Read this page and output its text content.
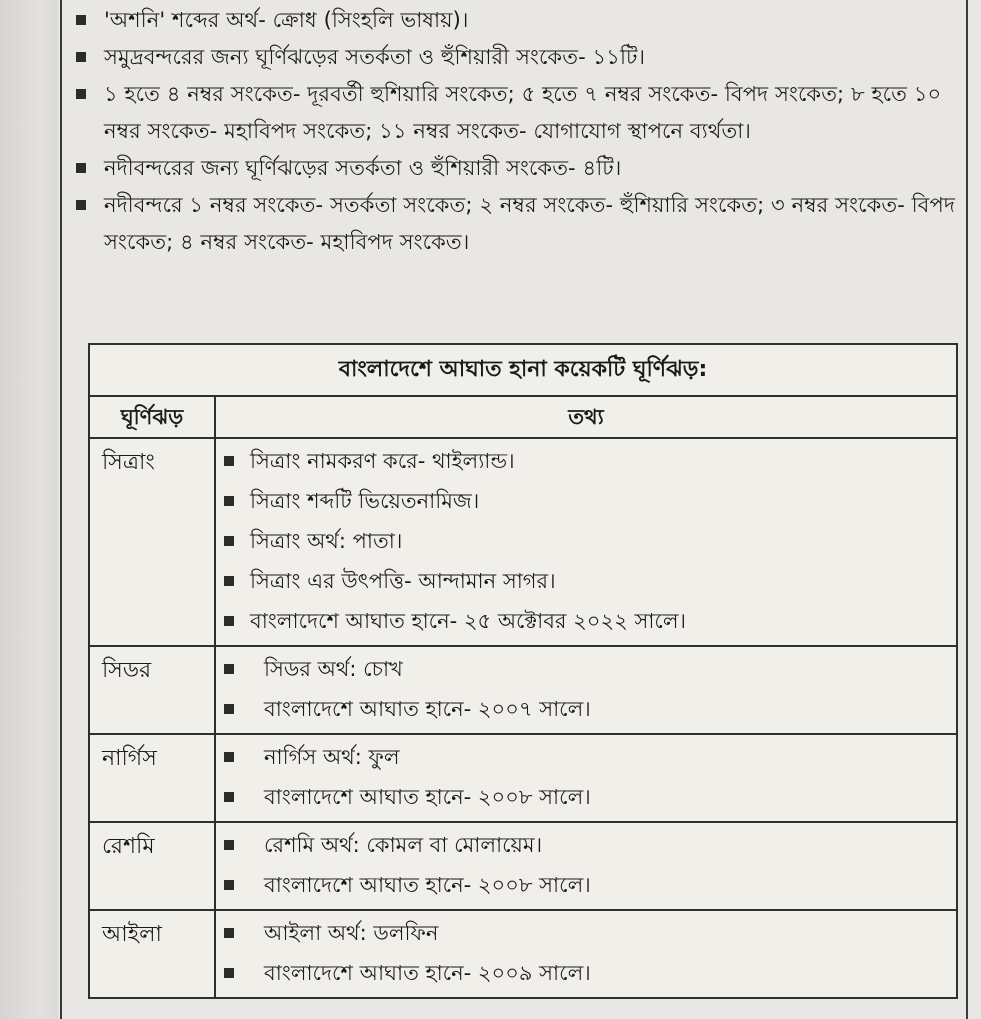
'অশনি' শব্দের অর্থ- ক্রোধ (সিংহলি ভাষায়)।

সমুদ্রবন্দরের জন্য ঘূর্ণিঝড়ের সতর্কতা ও হুঁশিয়ারী সংকেত- ১১টি।

১ হতে ৪ নম্বর সংকেত- দূরবর্তী হুশিয়ারি সংকেত; ৫ হতে ৭ নম্বর সংকেত- বিপদ সংকেত; ৮ হতে ১০ নম্বর সংকেত- মহাবিপদ সংকেত; ১১ নম্বর সংকেত- যোগাযোগ স্থাপনে ব্যর্থতা।

নদীবন্দরের জন্য ঘূর্ণিঝড়ের সতর্কতা ও হুঁশিয়ারী সংকেত- ৪টি।

নদীবন্দরে ১ নম্বর সংকেত- সতর্কতা সংকেত; ২ নম্বর সংকেত- হুঁশিয়ারি সংকেত; ৩ নম্বর সংকেত- বিপদ সংকেত; ৪ নম্বর সংকেত- মহাবিপদ সংকেত।

বাংলাদেশে আঘাত হানা কয়েকটি ঘূর্ণিঝড়:	
ঘূর্ণিঝড়	তথ্য
সিত্রাং	সিত্রাং নামকরণ করে- থাইল্যান্ড।
সিত্রাং শব্দটি ভিয়েতনামিজ।
সিত্রাং অর্থ: পাতা।
সিত্রাং এর উৎপত্তি- আন্দামান সাগর।
বাংলাদেশে আঘাত হানে- ২৫ অক্টোবর ২০২২ সালে।

সিডর	সিডর অর্থ: চোখ
বাংলাদেশে আঘাত হানে- ২০০৭ সালে।

নার্গিস	নার্গিস অর্থ: ফুল
বাংলাদেশে আঘাত হানে- ২০০৮ সালে।

রেশমি	রেশমি অর্থ: কোমল বা মোলায়েম।
বাংলাদেশে আঘাত হানে- ২০০৮ সালে।

আইলা	আইলা অর্থ: ডলফিন
বাংলাদেশে আঘাত হানে- ২০০৯ সালে।
